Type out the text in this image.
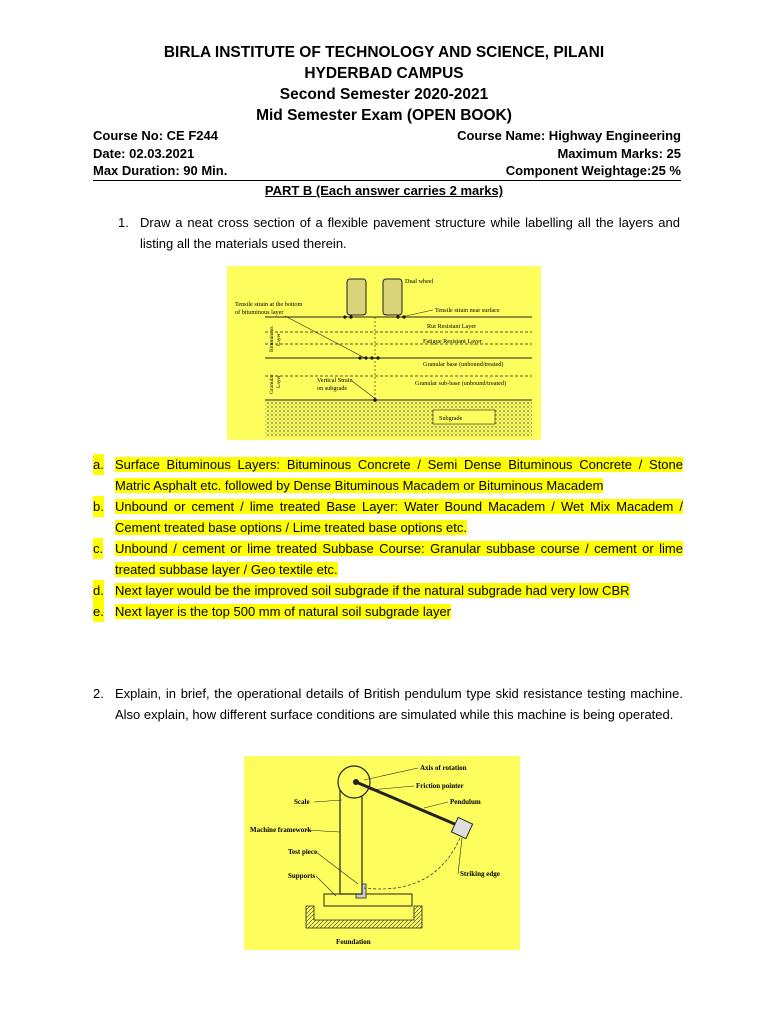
BIRLA INSTITUTE OF TECHNOLOGY AND SCIENCE, PILANI
HYDERBAD CAMPUS
Second Semester 2020-2021
Mid Semester Exam (OPEN BOOK)
Course No: CE F244	Course Name: Highway Engineering
Date: 02.03.2021	Maximum Marks: 25
Max Duration: 90 Min.	Component Weightage:25 %
PART B (Each answer carries 2 marks)
1. Draw a neat cross section of a flexible pavement structure while labelling all the layers and listing all the materials used therein.
Dual wheel
Subgrade
Bituminous Layer
Granular Layer
Tensile strain at the bottom
of bituminous layer	Tensile strain near surface
Rut Resistant Layer
Fatigue Resistant Layer
Granular base (unbound/treated)
Granular sub-base (unbound/treated)
Vertical Strain
on subgrade
a. Surface Bituminous Layers: Bituminous Concrete / Semi Dense Bituminous Concrete / Stone Matric Asphalt etc. followed by Dense Bituminous Macadem or Bituminous Macadem
b. Unbound or cement / lime treated Base Layer: Water Bound Macadem / Wet Mix Macadem / Cement treated base options / Lime treated base options etc.
c. Unbound / cement or lime treated Subbase Course: Granular subbase course / cement or lime treated subbase layer / Geo textile etc.
d. Next layer would be the improved soil subgrade if the natural subgrade had very low CBR
e. Next layer is the top 500 mm of natural soil subgrade layer
2. Explain, in brief, the operational details of British pendulum type skid resistance testing machine. Also explain, how different surface conditions are simulated while this machine is being operated.
Axis of rotation
Friction pointer
Scale	Pendulum
Machine framework
Test piece
Supports	Striking edge
Foundation
